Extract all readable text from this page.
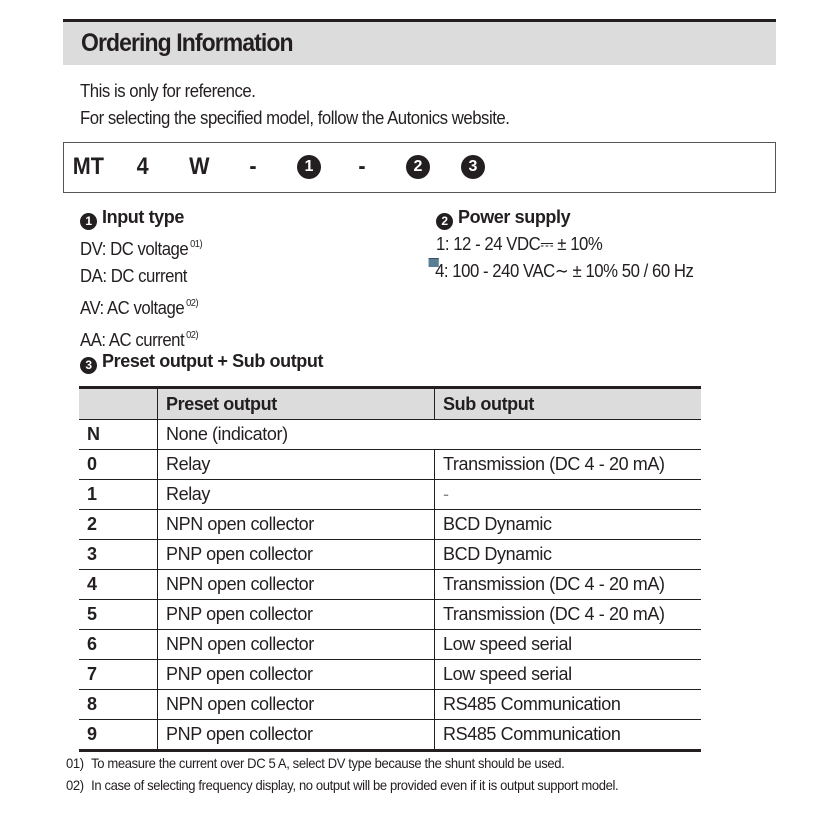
Ordering Information

This is only for reference.

For selecting the specified model, follow the Autonics website.

MT 4 W -	1	-	2	3
1 Input type
DV: DC voltage $^{01)}$
DA: DC current
AV: AC voltage $^{02)}$
AA: AC current $^{02)}$
2 Power supply
1: 12 - 24 VDC⎓ ± 10%
4: 100 - 240 VAC∼ ± 10% 50 / 60 Hz
3 Preset output + Sub output
	Preset output	Sub output
N	None (indicator)	
0	Relay	Transmission (DC 4 - 20 mA)
1	Relay	-
2	NPN open collector	BCD Dynamic
3	PNP open collector	BCD Dynamic
4	NPN open collector	Transmission (DC 4 - 20 mA)
5	PNP open collector	Transmission (DC 4 - 20 mA)
6	NPN open collector	Low speed serial
7	PNP open collector	Low speed serial
8	NPN open collector	RS485 Communication
9	PNP open collector	RS485 Communication
01) To measure the current over DC 5 A, select DV type because the shunt should be used.
02) In case of selecting frequency display, no output will be provided even if it is output support model.
